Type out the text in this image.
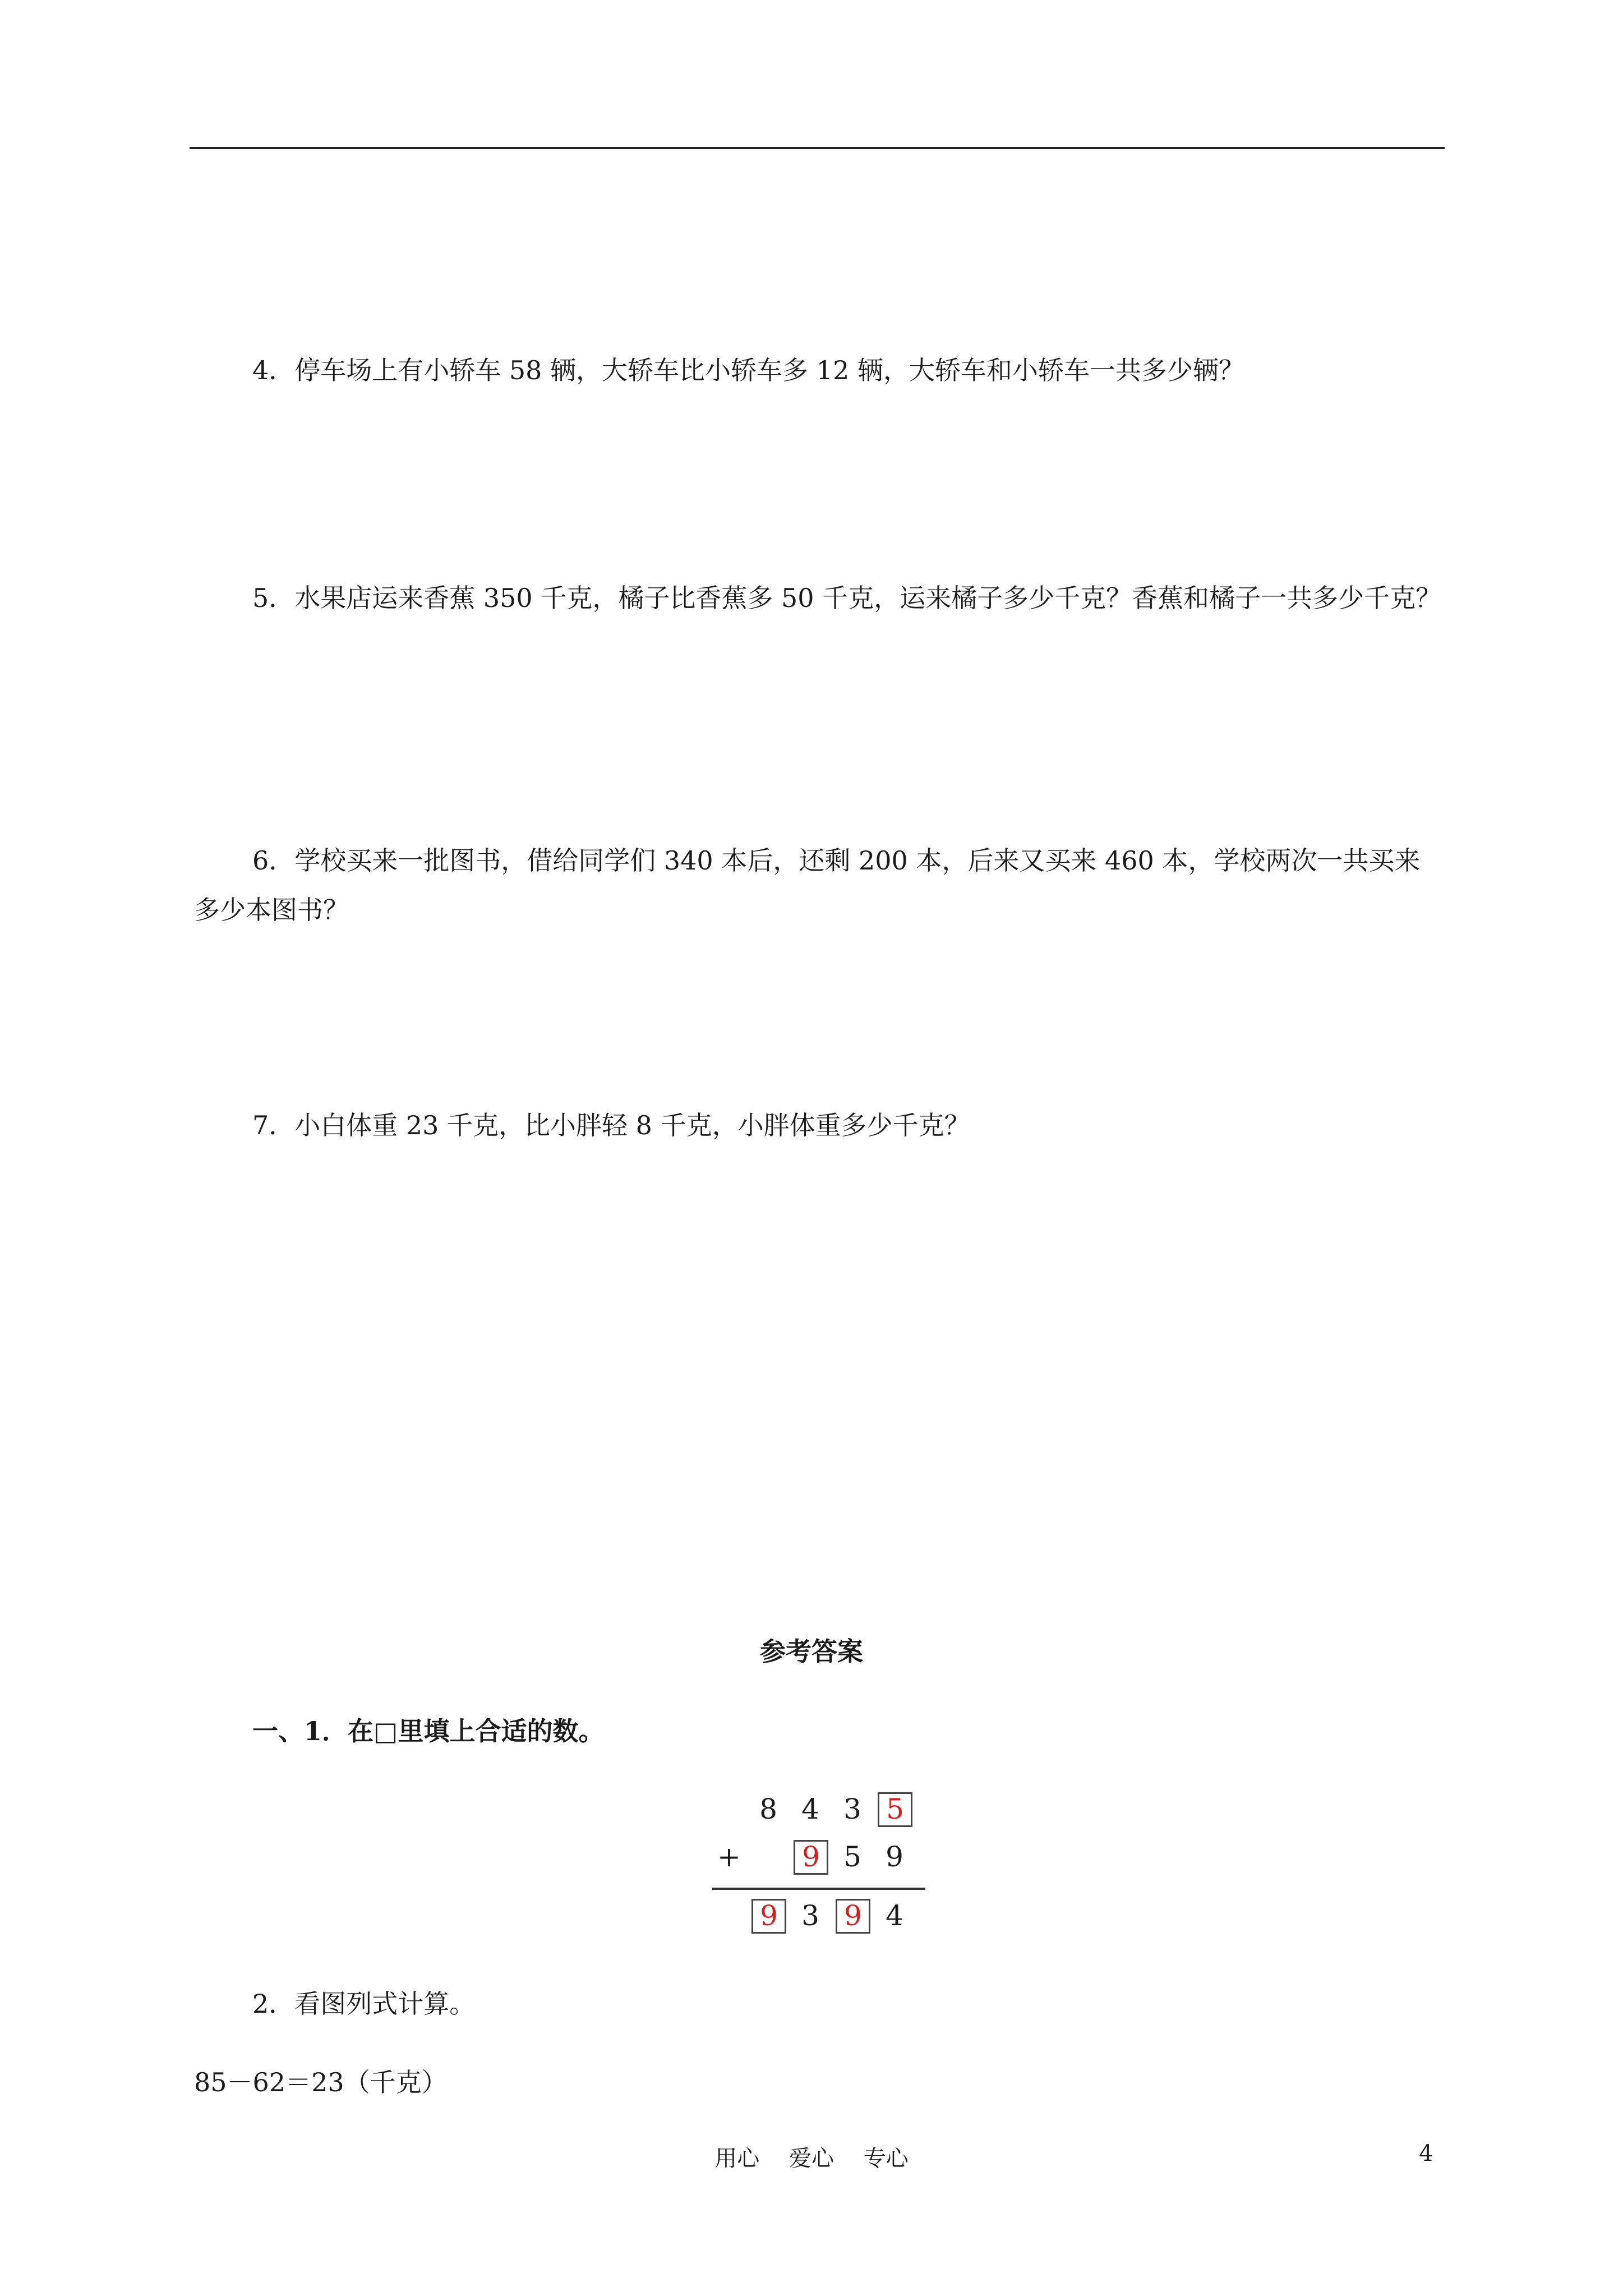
4．停车场上有小轿车 58 辆，大轿车比小轿车多 12 辆，大轿车和小轿车一共多少辆？

5．水果店运来香蕉 350 千克，橘子比香蕉多 50 千克，运来橘子多少千克？香蕉和橘子一共多少千克？

6．学校买来一批图书，借给同学们 340 本后，还剩 200 本，后来又买来 460 本，学校两次一共买来多少本图书？

7．小白体重 23 千克，比小胖轻 8 千克，小胖体重多少千克？

参考答案

一、1．在□里填上合适的数。

8 4 3 5
+	9 5 9
9 3 9 4

2．看图列式计算。

85－62＝23（千克）

用心 爱心 专心	4
